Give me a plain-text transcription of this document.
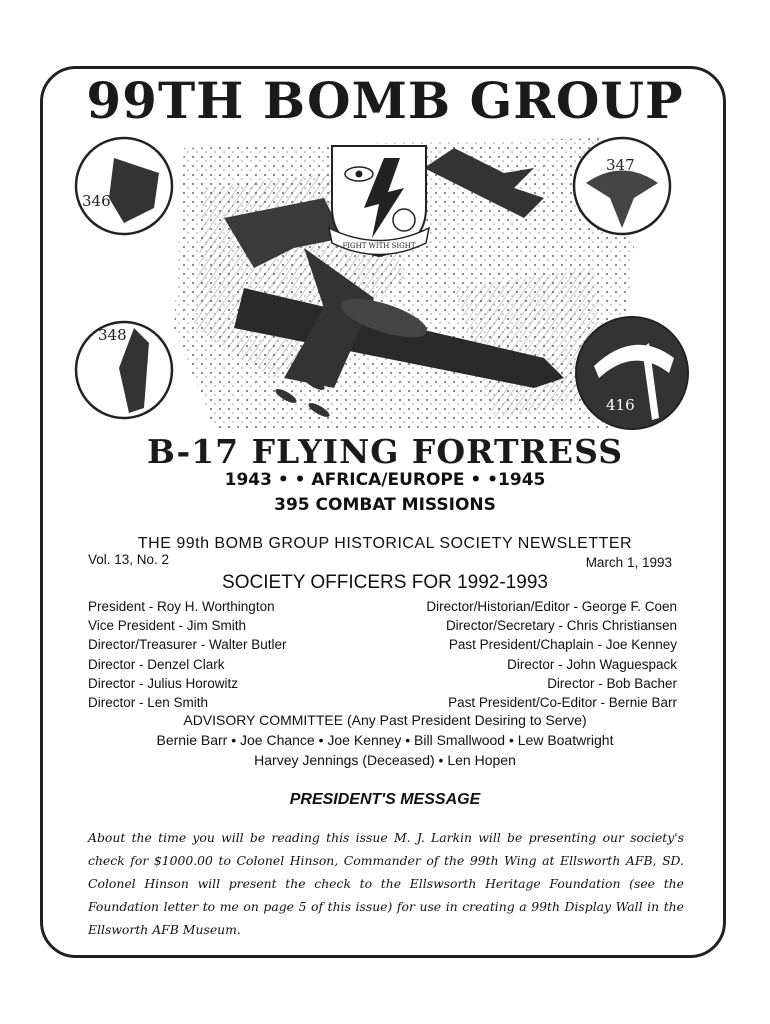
99TH BOMB GROUP
FIGHT WITH SIGHT
346
347
348
416
B-17 FLYING FORTRESS
1943 • • AFRICA/EUROPE • •1945
395 COMBAT MISSIONS
THE 99th BOMB GROUP HISTORICAL SOCIETY NEWSLETTER
Vol. 13, No. 2	March 1, 1993
SOCIETY OFFICERS FOR 1992-1993
President - Roy H. Worthington
Vice President - Jim Smith
Director/Treasurer - Walter Butler
Director - Denzel Clark
Director - Julius Horowitz
Director - Len Smith
Director/Historian/Editor - George F. Coen
Director/Secretary - Chris Christiansen
Past President/Chaplain - Joe Kenney
Director - John Waguespack
Director - Bob Bacher
Past President/Co-Editor - Bernie Barr
ADVISORY COMMITTEE (Any Past President Desiring to Serve)
Bernie Barr • Joe Chance • Joe Kenney • Bill Smallwood • Lew Boatwright
Harvey Jennings (Deceased) • Len Hopen
PRESIDENT'S MESSAGE
About the time you will be reading this issue M. J. Larkin will be presenting our society's check for $1000.00 to Colonel Hinson, Commander of the 99th Wing at Ellsworth AFB, SD. Colonel Hinson will present the check to the Ellswsorth Heritage Foundation (see the Foundation letter to me on page 5 of this issue) for use in creating a 99th Display Wall in the Ellsworth AFB Museum.
